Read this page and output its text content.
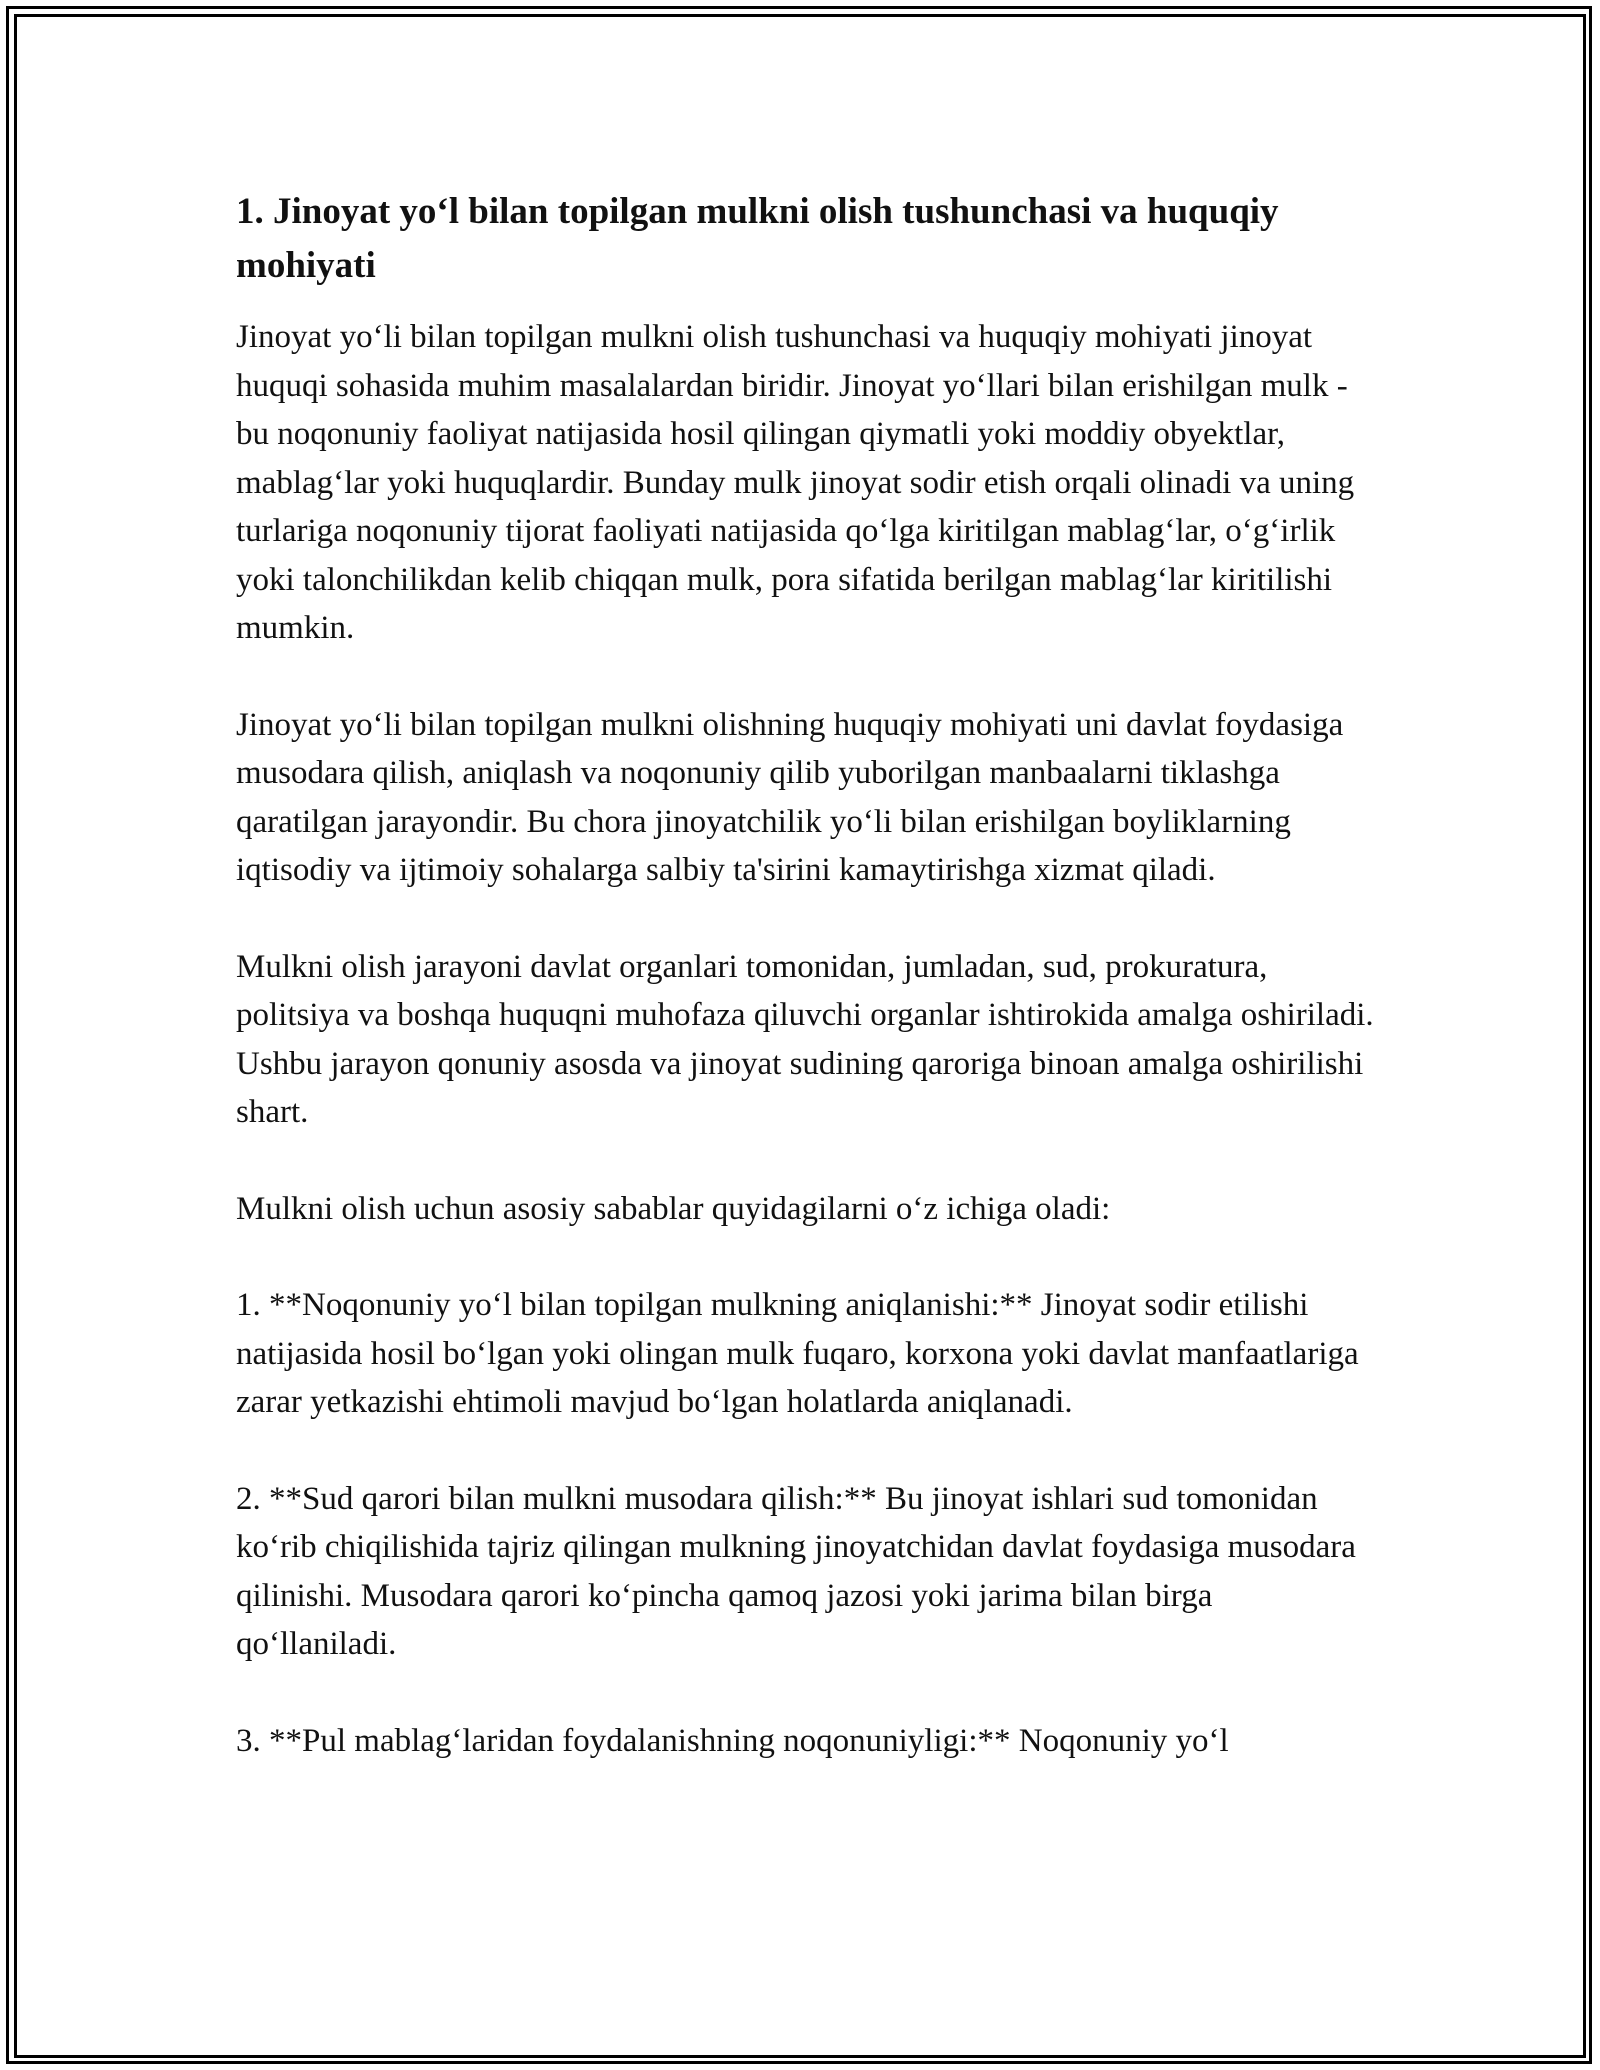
1. Jinoyat yo‘l bilan topilgan mulkni olish tushunchasi va huquqiy mohiyati

Jinoyat yo‘li bilan topilgan mulkni olish tushunchasi va huquqiy mohiyati jinoyat huquqi sohasida muhim masalalardan biridir. Jinoyat yo‘llari bilan erishilgan mulk - bu noqonuniy faoliyat natijasida hosil qilingan qiymatli yoki moddiy obyektlar, mablag‘lar yoki huquqlardir. Bunday mulk jinoyat sodir etish orqali olinadi va uning turlariga noqonuniy tijorat faoliyati natijasida qo‘lga kiritilgan mablag‘lar, o‘g‘irlik yoki talonchilikdan kelib chiqqan mulk, pora sifatida berilgan mablag‘lar kiritilishi mumkin.

Jinoyat yo‘li bilan topilgan mulkni olishning huquqiy mohiyati uni davlat foydasiga musodara qilish, aniqlash va noqonuniy qilib yuborilgan manbaalarni tiklashga qaratilgan jarayondir. Bu chora jinoyatchilik yo‘li bilan erishilgan boyliklarning iqtisodiy va ijtimoiy sohalarga salbiy ta'sirini kamaytirishga xizmat qiladi.

Mulkni olish jarayoni davlat organlari tomonidan, jumladan, sud, prokuratura, politsiya va boshqa huquqni muhofaza qiluvchi organlar ishtirokida amalga oshiriladi. Ushbu jarayon qonuniy asosda va jinoyat sudining qaroriga binoan amalga oshirilishi shart.

Mulkni olish uchun asosiy sabablar quyidagilarni o‘z ichiga oladi:

1. **Noqonuniy yo‘l bilan topilgan mulkning aniqlanishi:** Jinoyat sodir etilishi natijasida hosil bo‘lgan yoki olingan mulk fuqaro, korxona yoki davlat manfaatlariga zarar yetkazishi ehtimoli mavjud bo‘lgan holatlarda aniqlanadi.

2. **Sud qarori bilan mulkni musodara qilish:** Bu jinoyat ishlari sud tomonidan ko‘rib chiqilishida tajriz qilingan mulkning jinoyatchidan davlat foydasiga musodara qilinishi. Musodara qarori ko‘pincha qamoq jazosi yoki jarima bilan birga qo‘llaniladi.

3. **Pul mablag‘laridan foydalanishning noqonuniyligi:** Noqonuniy yo‘l
